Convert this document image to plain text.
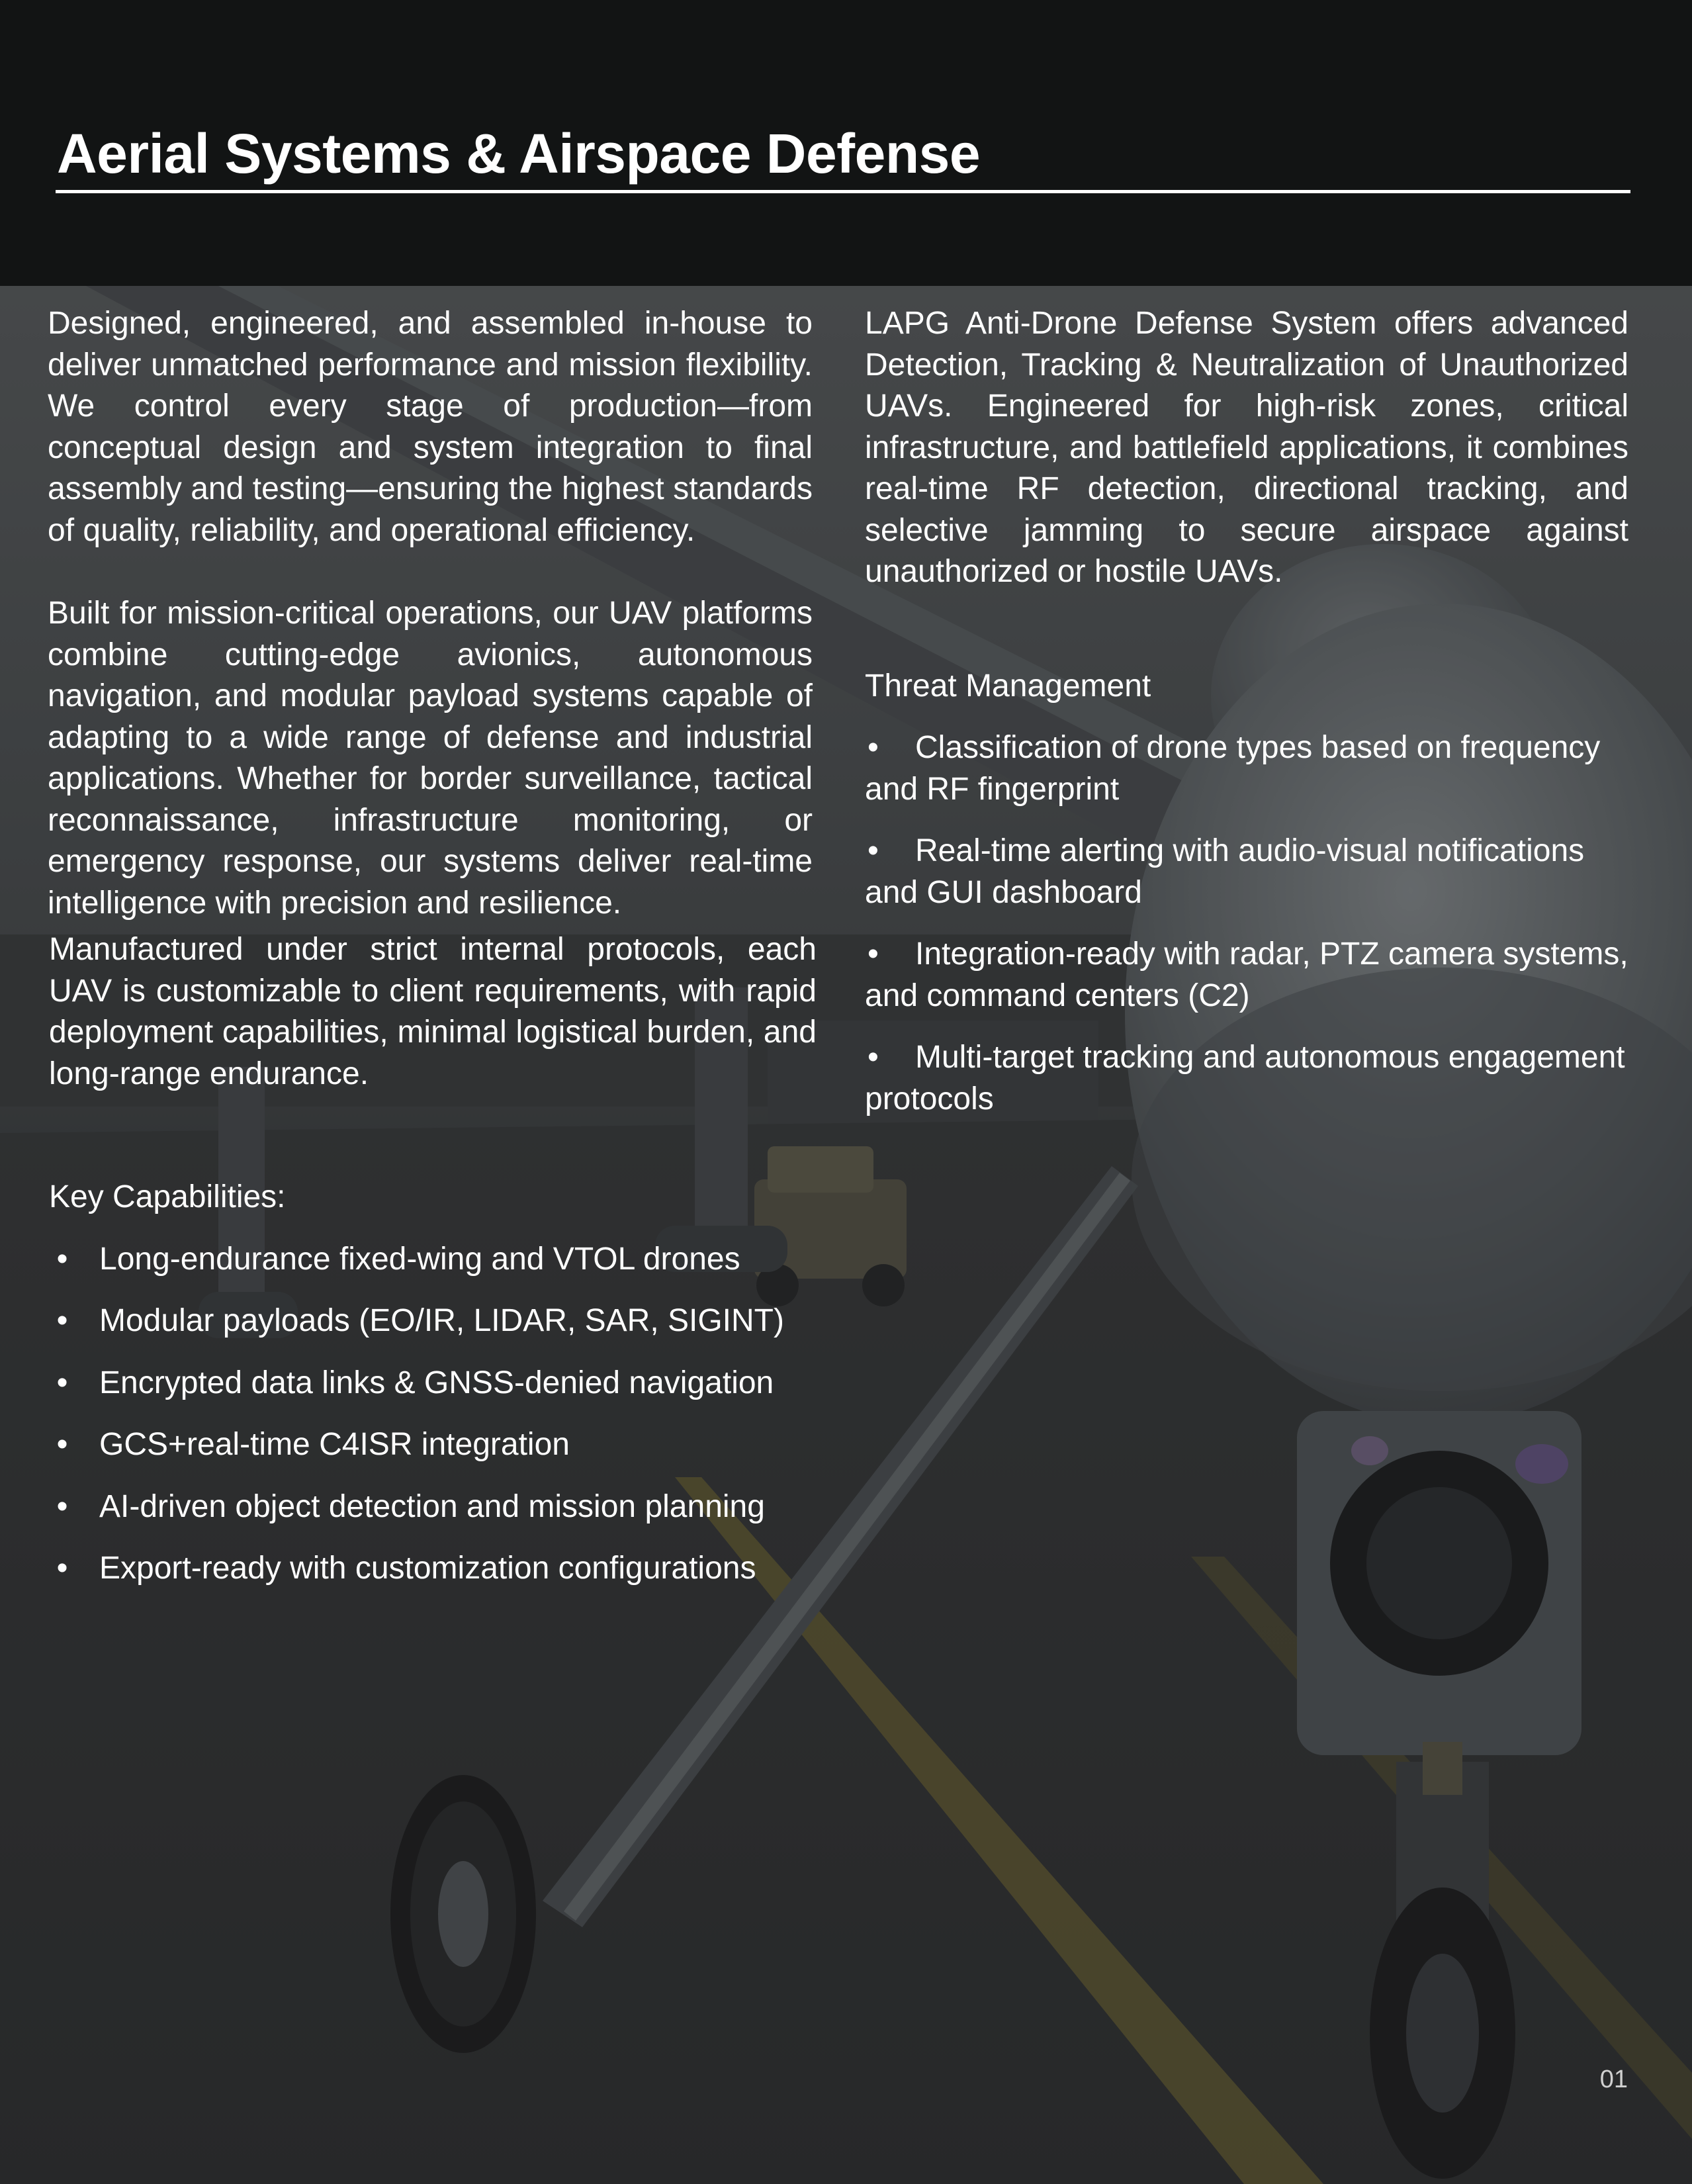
Aerial Systems & Airspace Defense

Designed, engineered, and assembled in-house to deliver unmatched performance and mission flexibility. We control every stage of production—from conceptual design and system integration to final assembly and testing—ensuring the highest standards of quality, reliability, and operational efficiency.

Built for mission-critical operations, our UAV platforms combine cutting-edge avionics, autonomous navigation, and modular payload systems capable of adapting to a wide range of defense and industrial applications. Whether for border surveillance, tactical reconnaissance, infrastructure monitoring, or emergency response, our systems deliver real-time intelligence with precision and resilience.

Manufactured under strict internal protocols, each UAV is customizable to client requirements, with rapid deployment capabilities, minimal logistical burden, and long-range endurance.

Key Capabilities:

• Long-endurance fixed-wing and VTOL drones
• Modular payloads (EO/IR, LIDAR, SAR, SIGINT)
• Encrypted data links & GNSS-denied navigation
• GCS+real-time C4ISR integration
• AI-driven object detection and mission planning
• Export-ready with customization configurations

LAPG Anti-Drone Defense System offers advanced Detection, Tracking & Neutralization of Unauthorized UAVs. Engineered for high-risk zones, critical infrastructure, and battlefield applications, it combines real-time RF detection, directional tracking, and selective jamming to secure airspace against unauthorized or hostile UAVs.

Threat Management

• Classification of drone types based on frequency and RF fingerprint
• Real-time alerting with audio-visual notifications and GUI dashboard
• Integration-ready with radar, PTZ camera systems, and command centers (C2)
• Multi-target tracking and autonomous engagement protocols
01
